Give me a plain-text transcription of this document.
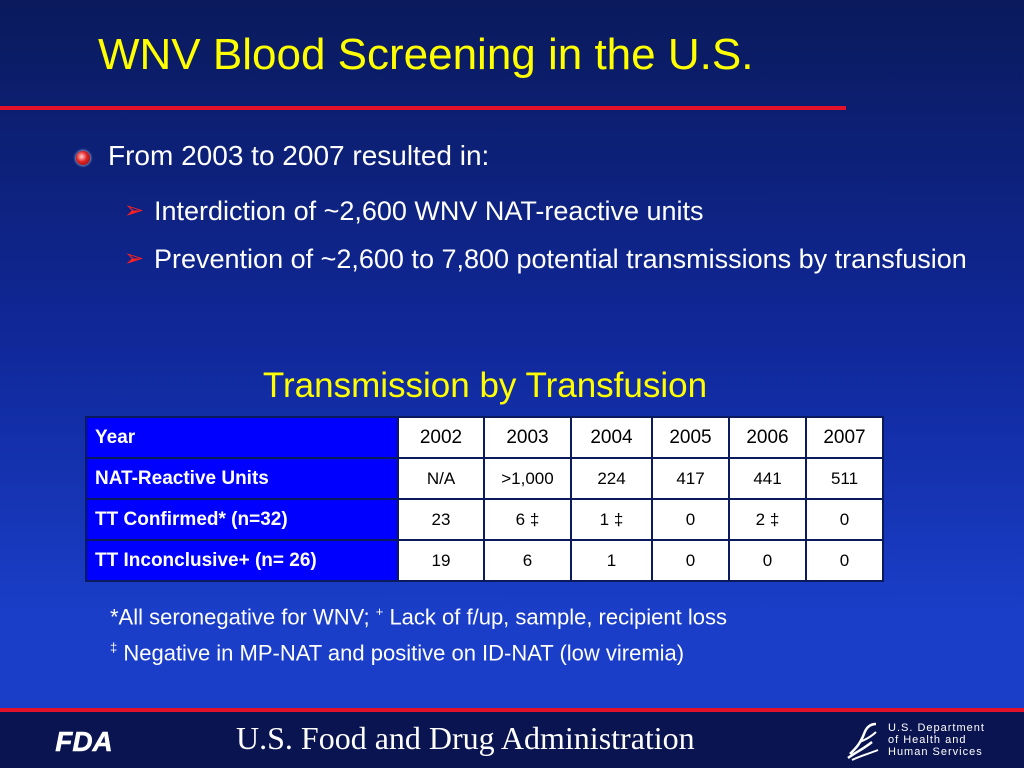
WNV Blood Screening in the U.S.
From 2003 to 2007 resulted in:
➢ Interdiction of ~2,600 WNV NAT-reactive units
➢ Prevention of ~2,600 to 7,800 potential transmissions by transfusion
Transmission by Transfusion
Year	2002	2003	2004	2005	2006	2007
NAT-Reactive Units	N/A	>1,000	224	417	441	511
TT Confirmed* (n=32)	23	6 ‡	1 ‡	0	2 ‡	0
TT Inconclusive+ (n= 26)	19	6	1	0	0	0
*All seronegative for WNV; + Lack of f/up, sample, recipient loss
‡ Negative in MP-NAT and positive on ID-NAT (low viremia)
FDA	U.S. Food and Drug Administration	U.S. Department
of Health and
Human Services
